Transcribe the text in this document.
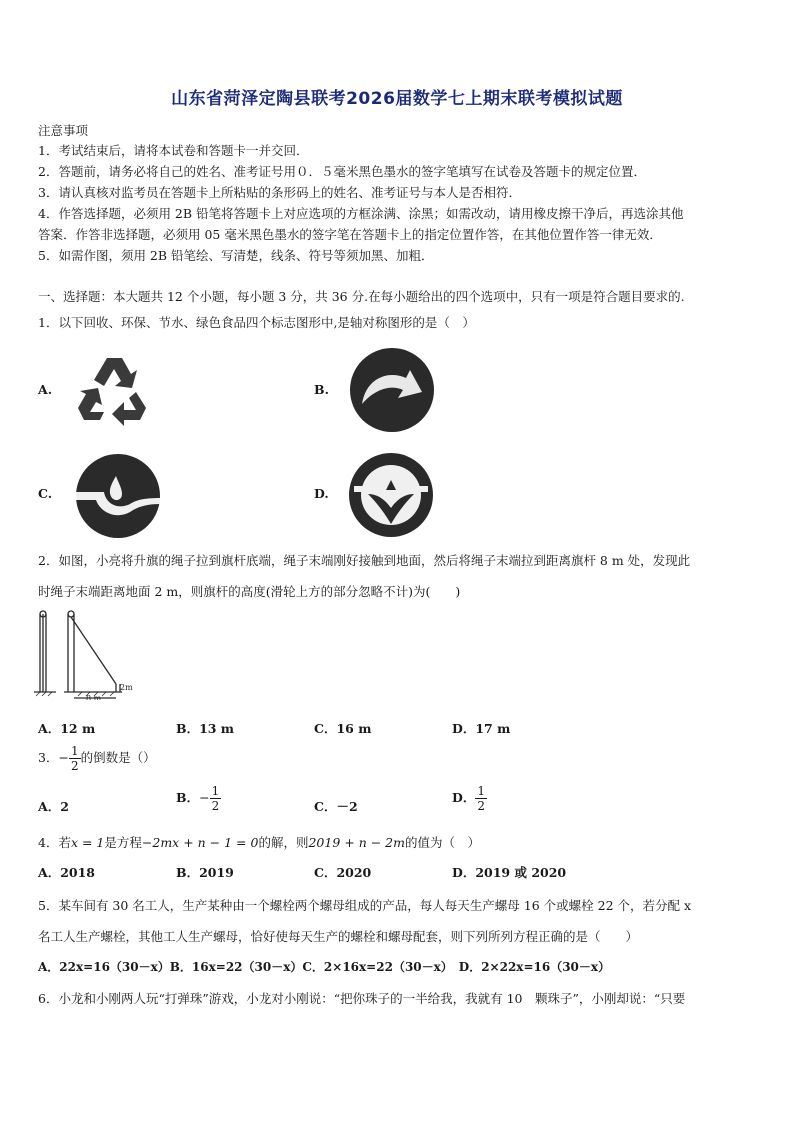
山东省菏泽定陶县联考2026届数学七上期末联考模拟试题
注意事项
1．考试结束后，请将本试卷和答题卡一并交回．
2．答题前，请务必将自己的姓名、准考证号用０．５毫米黑色墨水的签字笔填写在试卷及答题卡的规定位置．
3．请认真核对监考员在答题卡上所粘贴的条形码上的姓名、准考证号与本人是否相符．
4．作答选择题，必须用 2B 铅笔将答题卡上对应选项的方框涂满、涂黑；如需改动，请用橡皮擦干净后，再选涂其他
答案．作答非选择题，必须用 05 毫米黑色墨水的签字笔在答题卡上的指定位置作答，在其他位置作答一律无效．
5．如需作图，须用 2B 铅笔绘、写清楚，线条、符号等须加黑、加粗．
一、选择题：本大题共 12 个小题，每小题 3 分，共 36 分.在每小题给出的四个选项中，只有一项是符合题目要求的.
1．以下回收、环保、节水、绿色食品四个标志图形中,是轴对称图形的是（　）
A.	B.
C.	D.
2．如图，小亮将升旗的绳子拉到旗杆底端，绳子末端刚好接触到地面，然后将绳子末端拉到距离旗杆 8 m 处，发现此
时绳子末端距离地面 2 m，则旗杆的高度(滑轮上方的部分忽略不计)为(　　)
8 m
2m
A．12 m	B．13 m	C．16 m	D．17 m
3．− $\frac{1}{2}$ 的倒数是（）
A．2
B．− $\frac{1}{2}$	C．－2
D． $\frac{1}{2}$
4．若x = 1是方程−2mx + n − 1 = 0的解，则2019 + n − 2m的值为（　）
A．2018	B．2019	C．2020	D．2019 或 2020
5．某车间有 30 名工人，生产某种由一个螺栓两个螺母组成的产品，每人每天生产螺母 16 个或螺栓 22 个，若分配 x
名工人生产螺栓，其他工人生产螺母，恰好使每天生产的螺栓和螺母配套，则下列所列方程正确的是（　　）
A．22x=16（30－x）B．16x=22（30－x）C．2×16x=22（30－x）　D．2×22x=16（30－x）
6．小龙和小刚两人玩“打弹珠”游戏，小龙对小刚说：“把你珠子的一半给我，我就有 10　颗珠子”，小刚却说：“只要
